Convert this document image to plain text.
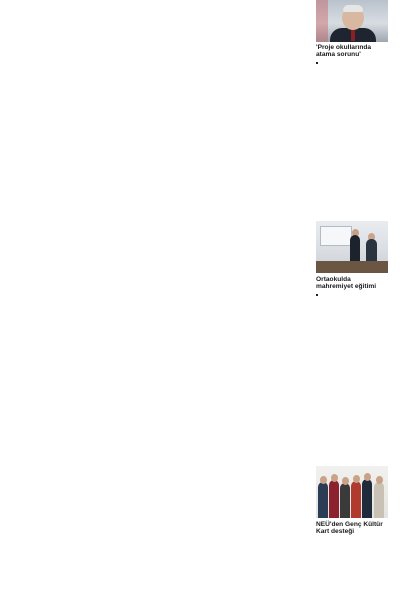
'Proje okullarında atama sorunu'

Ortaokulda mahremiyet eğitimi

NEÜ'den Genç Kültür Kart desteği
